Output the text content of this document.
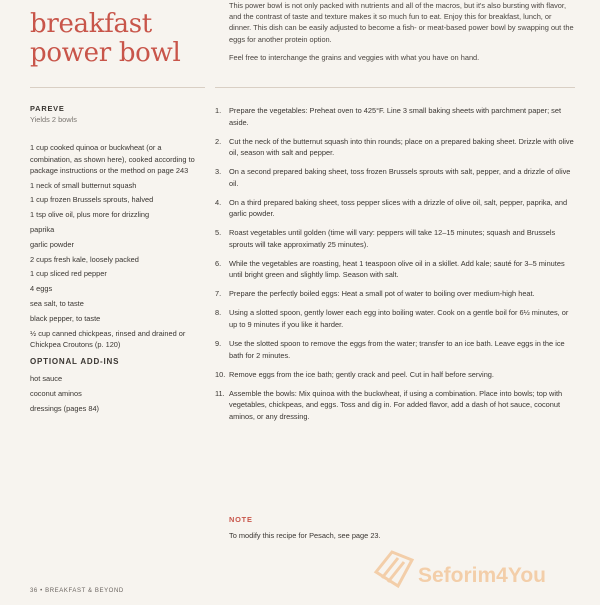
breakfast
power bowl

This power bowl is not only packed with nutrients and all of the macros, but it's also bursting with flavor, and the contrast of taste and texture makes it so much fun to eat. Enjoy this for breakfast, lunch, or dinner. This dish can be easily adjusted to become a fish- or meat-based power bowl by swapping out the eggs for another protein option.

Feel free to interchange the grains and veggies with what you have on hand.

PAREVE
Yields 2 bowls
1 cup cooked quinoa or buckwheat (or a combination, as shown here), cooked according to package instructions or the method on page 243
1 neck of small butternut squash
1 cup frozen Brussels sprouts, halved
1 tsp olive oil, plus more for drizzling
paprika
garlic powder
2 cups fresh kale, loosely packed
1 cup sliced red pepper
4 eggs
sea salt, to taste
black pepper, to taste
½ cup canned chickpeas, rinsed and drained or Chickpea Croutons (p. 120)
OPTIONAL ADD-INS
hot sauce
coconut aminos
dressings (pages 84)
1.	Prepare the vegetables: Preheat oven to 425°F. Line 3 small baking sheets with parchment paper; set aside.
2.	Cut the neck of the butternut squash into thin rounds; place on a prepared baking sheet. Drizzle with olive oil, season with salt and pepper.
3.	On a second prepared baking sheet, toss frozen Brussels sprouts with salt, pepper, and a drizzle of olive oil.
4.	On a third prepared baking sheet, toss pepper slices with a drizzle of olive oil, salt, pepper, paprika, and garlic powder.
5.	Roast vegetables until golden (time will vary: peppers will take 12–15 minutes; squash and Brussels sprouts will take approximatly 25 minutes).
6.	While the vegetables are roasting, heat 1 teaspoon olive oil in a skillet. Add kale; sauté for 3–5 minutes until bright green and slightly limp. Season with salt.
7.	Prepare the perfectly boiled eggs: Heat a small pot of water to boiling over medium-high heat.
8.	Using a slotted spoon, gently lower each egg into boiling water. Cook on a gentle boil for 6½ minutes, or up to 9 minutes if you like it harder.
9.	Use the slotted spoon to remove the eggs from the water; transfer to an ice bath. Leave eggs in the ice bath for 2 minutes.
10. Remove eggs from the ice bath; gently crack and peel. Cut in half before serving.
11. Assemble the bowls: Mix quinoa with the buckwheat, if using a combination. Place into bowls; top with vegetables, chickpeas, and eggs. Toss and dig in. For added flavor, add a dash of hot sauce, coconut aminos, or any dressing.
NOTE
To modify this recipe for Pesach, see page 23.
36 • BREAKFAST & BEYOND
Seforim4You
